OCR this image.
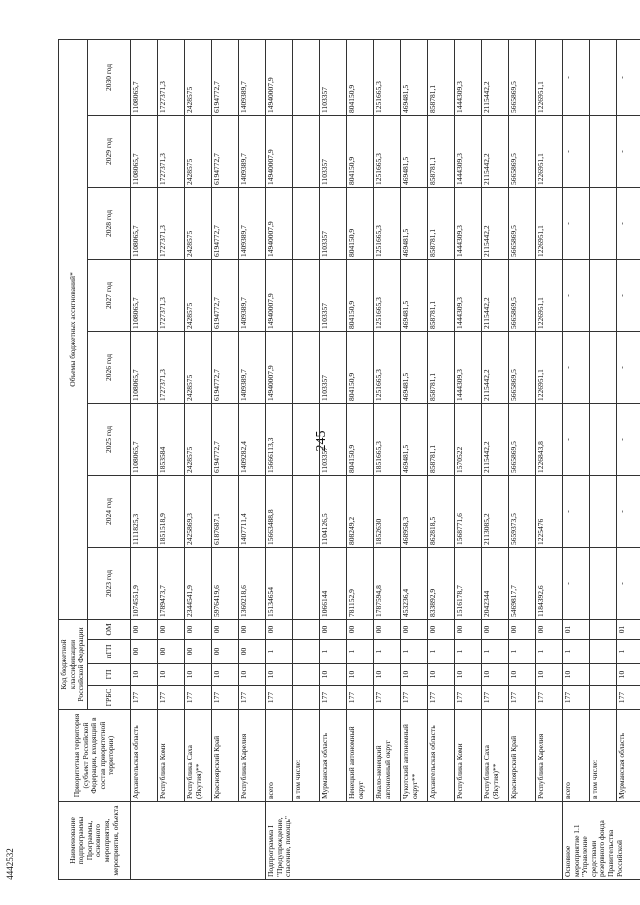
245
4442532
Наименование подпрограммы Программы, основного мероприятия, мероприятия, объекта	Приоритетная территория (субъект Российской Федерации, входящий в состав приоритетной территории)	Код бюджетной классификации Российской Федерации				Объемы бюджетных ассигнований*							
		ГРБС	ГП	пГП	ОМ	2023 год	2024 год	2025 год	2026 год	2027 год	2028 год	2029 год	2030 год
	Архангельская область	177	10	00	00	1074551,9	1111825,3	1108065,7	1108065,7	1108065,7	1108065,7	1108065,7	1108065,7
	Республика Коми	177	10	00	00	1789473,7	1851518,9	1853584	1727371,3	1727371,3	1727371,3	1727371,3	1727371,3
	Республика Саха (Якутия)**	177	10	00	00	2344541,9	2425869,3	2428575	2428575	2428575	2428575	2428575	2428575
	Красноярский Край	177	10	00	00	5976419,6	6187687,1	6194772,7	6194772,7	6194772,7	6194772,7	6194772,7	6194772,7
	Республика Карелия	177	10	00	00	1360218,6	1407711,4	1409282,4	1409389,7	1409389,7	1409389,7	1409389,7	1409389,7
Подпрограмма I "Предупреждение, спасение, помощь"	всего	177	10	1	00	15134654	15663488,8	15666113,3	14940007,9	14940007,9	14940007,9	14940007,9	14940007,9
	в том числе:												
	Мурманская область	177	10	1	00	1066144	1104126,5	1103357	1103357	1103357	1103357	1103357	1103357
	Ненецкий автономный округ	177	10	1	00	781152,9	808249,2	804150,9	804150,9	804150,9	804150,9	804150,9	804150,9
	Ямало-ненецкий автономный округ	177	10	1	00	1787594,8	1852630	1851665,3	1251665,3	1251665,3	1251665,3	1251665,3	1251665,3
	Чукотский автономный округ**	177	10	1	00	453236,4	468958,3	469481,5	469481,5	469481,5	469481,5	469481,5	469481,5
	Архангельская область	177	10	1	00	833892,9	862818,5	858781,1	858781,1	858781,1	858781,1	858781,1	858781,1
	Республика Коми	177	10	1	00	1516178,7	1568771,6	1570522	1444309,3	1444309,3	1444309,3	1444309,3	1444309,3
	Республика Саха (Якутия)**	177	10	1	00	2042344	2113085,2	2115442,2	2115442,2	2115442,2	2115442,2	2115442,2	2115442,2
	Красноярский Край	177	10	1	00	5469817,7	5659373,5	5665869,5	5665869,5	5665869,5	5665869,5	5665869,5	5665869,5
	Республика Карелия	177	10	1	00	1184392,6	1225476	1226843,8	1226951,1	1226951,1	1226951,1	1226951,1	1226951,1
Основное мероприятие 1.1 "Управление средствами резервного фонда Правительства Российской	всего	177	10	1	01	-	-	-	-	-	-	-	-
	в том числе:												
	Мурманская область	177	10	1	01	-	-	-	-	-	-	-	-
